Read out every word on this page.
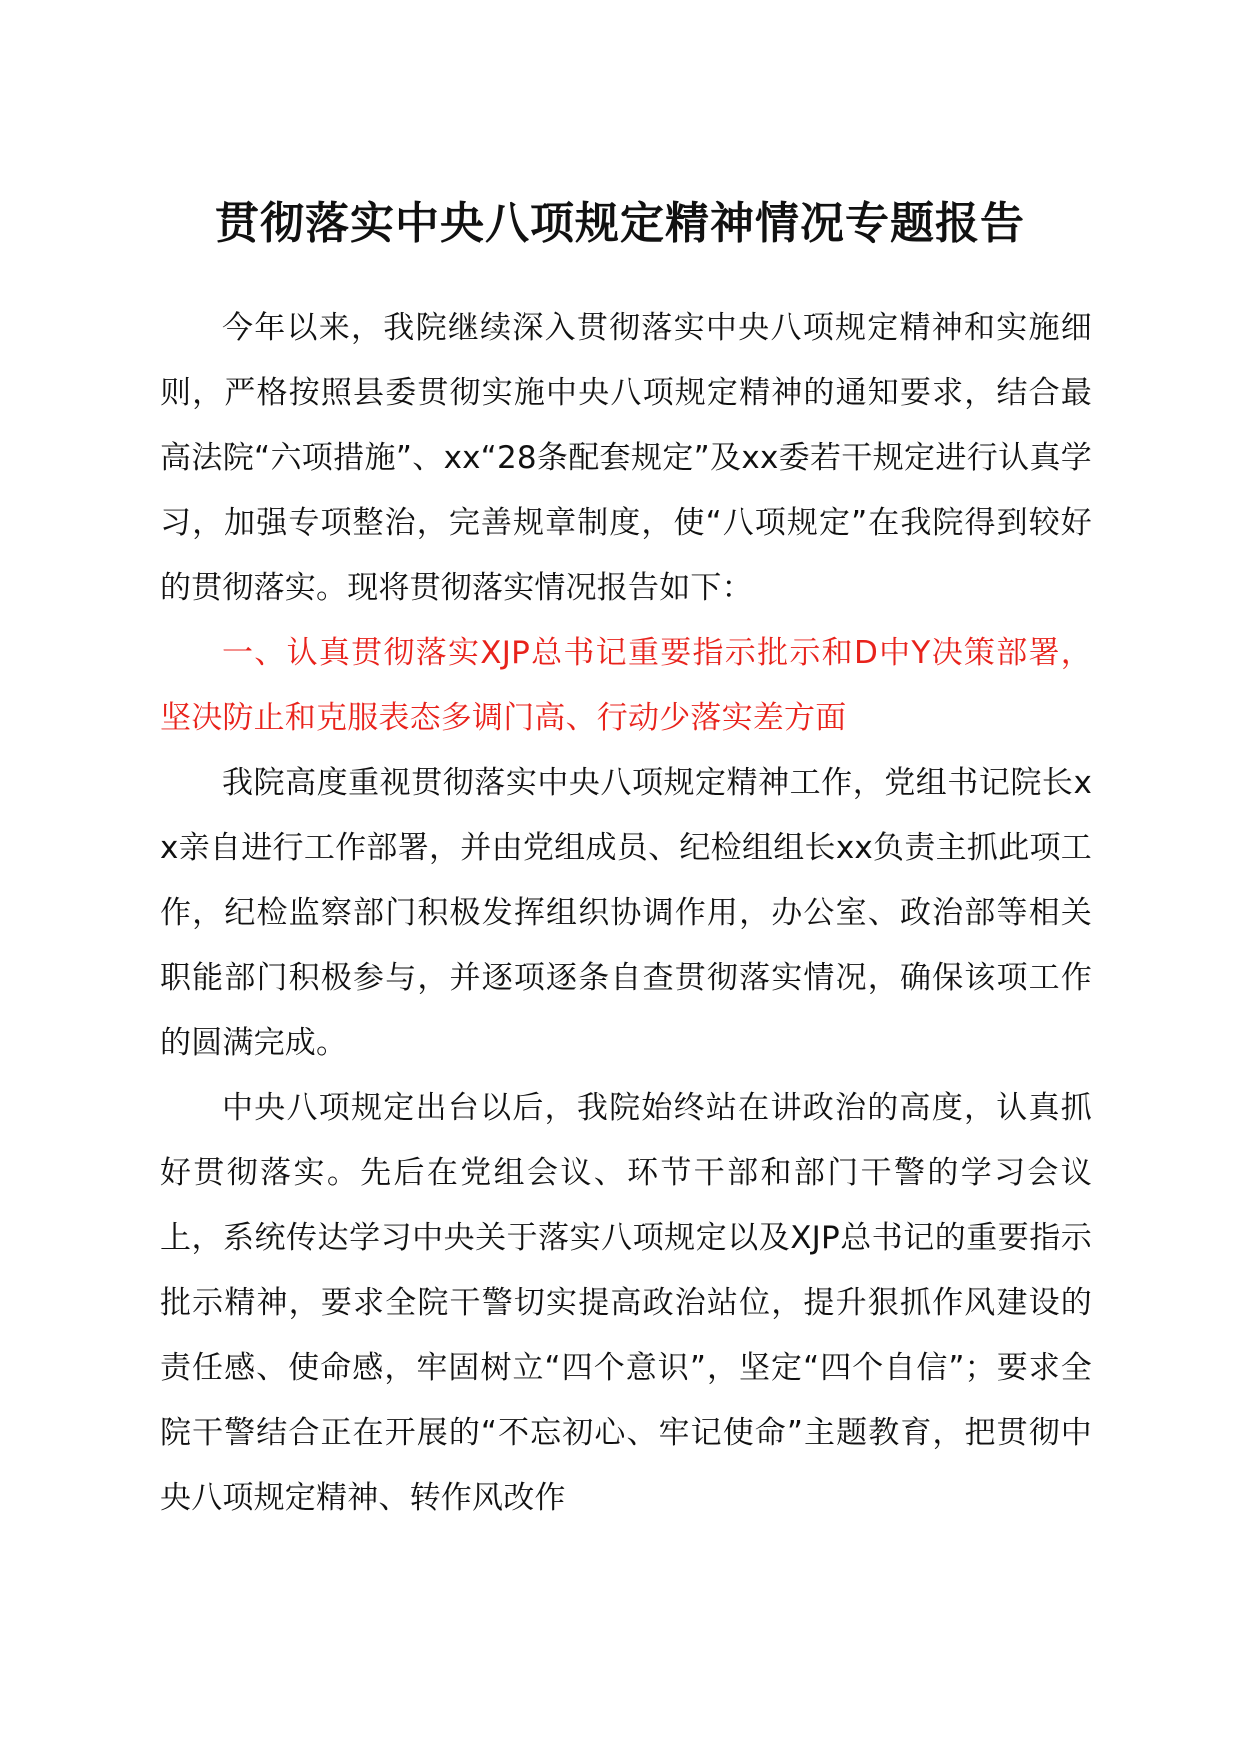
贯彻落实中央八项规定精神情况专题报告

今年以来，我院继续深入贯彻落实中央八项规定精神和实施细则，严格按照县委贯彻实施中央八项规定精神的通知要求，结合最高法院“六项措施”、xx“28条配套规定”及xx委若干规定进行认真学习，加强专项整治，完善规章制度，使“八项规定”在我院得到较好的贯彻落实。现将贯彻落实情况报告如下：

一、认真贯彻落实XJP总书记重要指示批示和D中Y决策部署，坚决防止和克服表态多调门高、行动少落实差方面

我院高度重视贯彻落实中央八项规定精神工作，党组书记院长xx亲自进行工作部署，并由党组成员、纪检组组长xx负责主抓此项工作，纪检监察部门积极发挥组织协调作用，办公室、政治部等相关职能部门积极参与，并逐项逐条自查贯彻落实情况，确保该项工作的圆满完成。

中央八项规定出台以后，我院始终站在讲政治的高度，认真抓好贯彻落实。先后在党组会议、环节干部和部门干警的学习会议上，系统传达学习中央关于落实八项规定以及XJP总书记的重要指示批示精神，要求全院干警切实提高政治站位，提升狠抓作风建设的责任感、使命感，牢固树立“四个意识”，坚定“四个自信”；要求全院干警结合正在开展的“不忘初心、牢记使命”主题教育，把贯彻中央八项规定精神、转作风改作
